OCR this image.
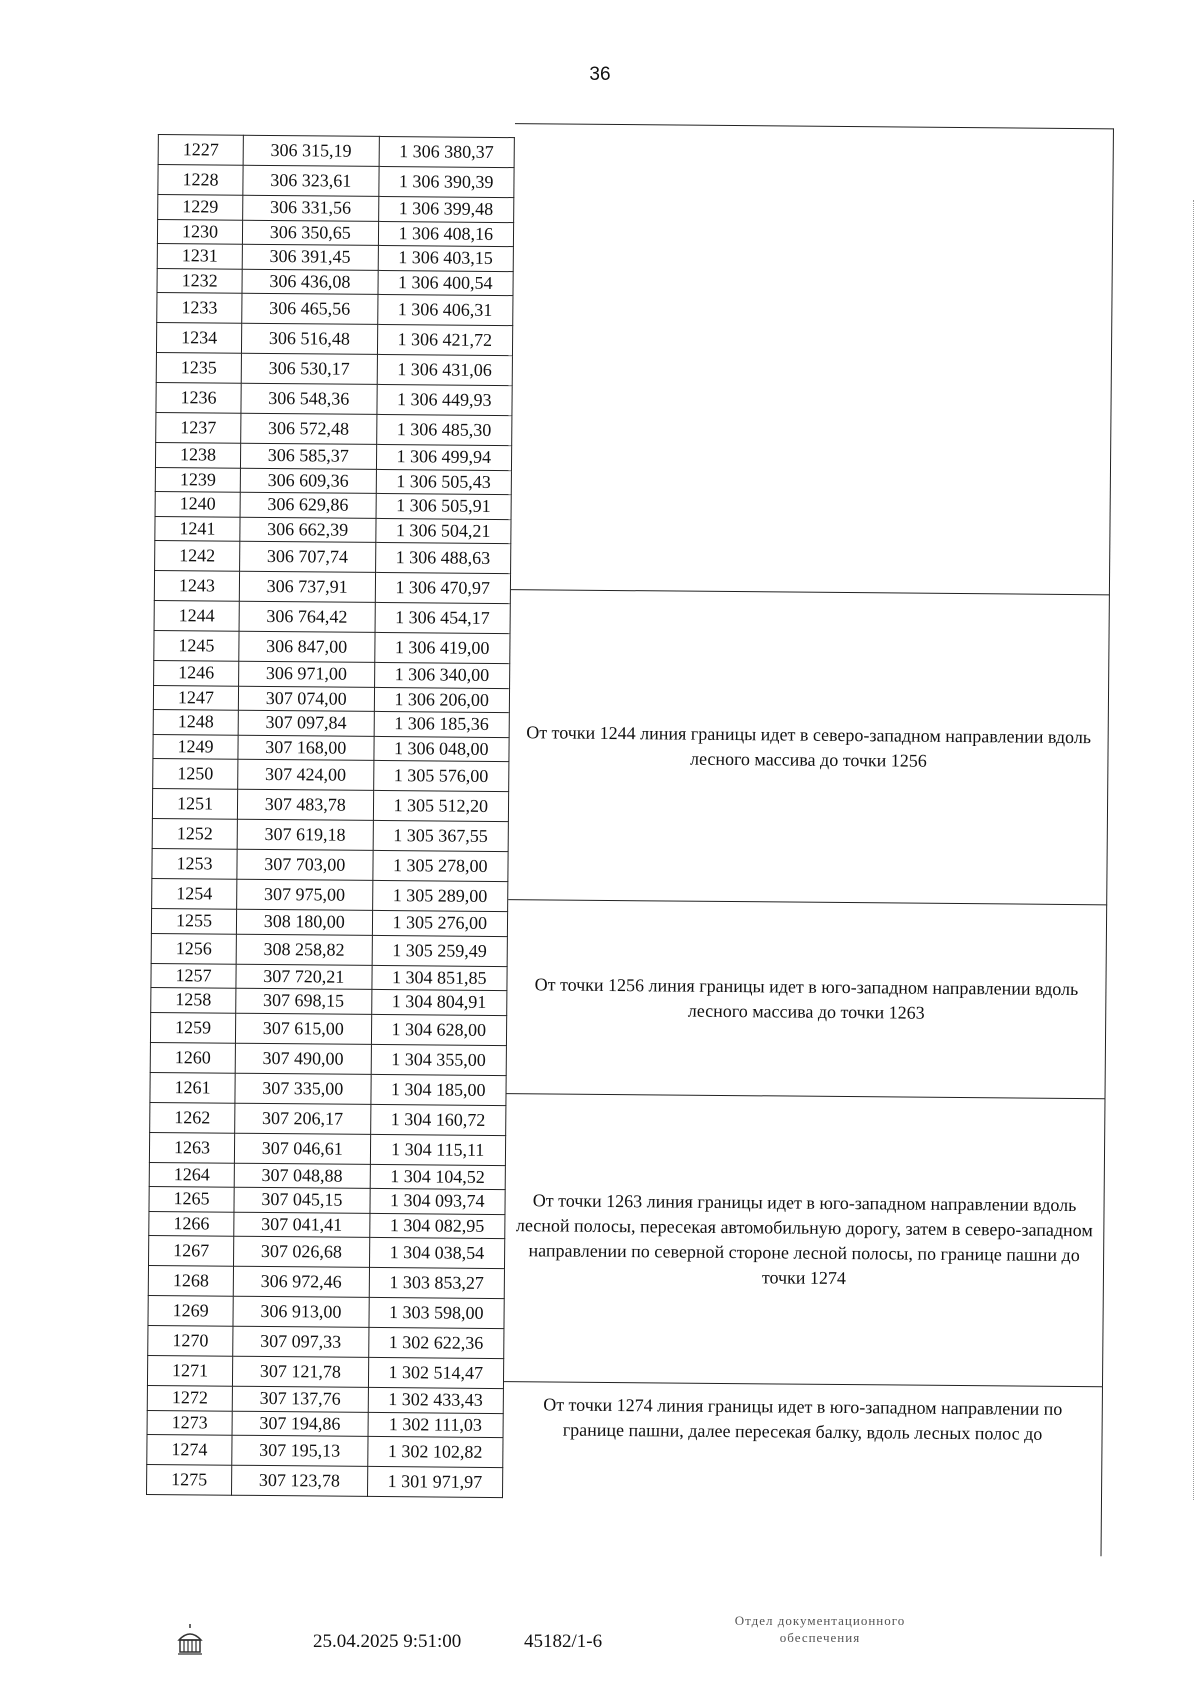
36
1227	306 315,19	1 306 380,37
1228	306 323,61	1 306 390,39
1229	306 331,56	1 306 399,48
1230	306 350,65	1 306 408,16
1231	306 391,45	1 306 403,15
1232	306 436,08	1 306 400,54
1233	306 465,56	1 306 406,31
1234	306 516,48	1 306 421,72
1235	306 530,17	1 306 431,06
1236	306 548,36	1 306 449,93
1237	306 572,48	1 306 485,30
1238	306 585,37	1 306 499,94
1239	306 609,36	1 306 505,43
1240	306 629,86	1 306 505,91
1241	306 662,39	1 306 504,21
1242	306 707,74	1 306 488,63
1243	306 737,91	1 306 470,97
1244	306 764,42	1 306 454,17
1245	306 847,00	1 306 419,00
1246	306 971,00	1 306 340,00
1247	307 074,00	1 306 206,00
1248	307 097,84	1 306 185,36
1249	307 168,00	1 306 048,00
1250	307 424,00	1 305 576,00
1251	307 483,78	1 305 512,20
1252	307 619,18	1 305 367,55
1253	307 703,00	1 305 278,00
1254	307 975,00	1 305 289,00
1255	308 180,00	1 305 276,00
1256	308 258,82	1 305 259,49
1257	307 720,21	1 304 851,85
1258	307 698,15	1 304 804,91
1259	307 615,00	1 304 628,00
1260	307 490,00	1 304 355,00
1261	307 335,00	1 304 185,00
1262	307 206,17	1 304 160,72
1263	307 046,61	1 304 115,11
1264	307 048,88	1 304 104,52
1265	307 045,15	1 304 093,74
1266	307 041,41	1 304 082,95
1267	307 026,68	1 304 038,54
1268	306 972,46	1 303 853,27
1269	306 913,00	1 303 598,00
1270	307 097,33	1 302 622,36
1271	307 121,78	1 302 514,47
1272	307 137,76	1 302 433,43
1273	307 194,86	1 302 111,03
1274	307 195,13	1 302 102,82
1275	307 123,78	1 301 971,97
От точки 1244 линия границы идет в северо-западном направлении вдоль лесного массива до точки 1256
От точки 1256 линия границы идет в юго-западном направлении вдоль лесного массива до точки 1263
От точки 1263 линия границы идет в юго-западном направлении вдоль лесной полосы, пересекая автомобильную дорогу, затем в северо-западном направлении по северной стороне лесной полосы, по границе пашни до точки 1274
От точки 1274 линия границы идет в юго-западном направлении по границе пашни, далее пересекая балку, вдоль лесных полос до
25.04.2025 9:51:00	45182/1-6
Отдел документационного
обеспечения
